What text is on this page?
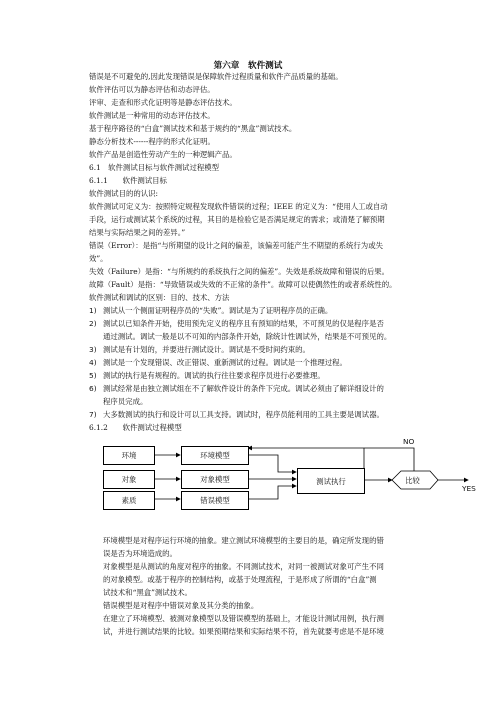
第六章　软件测试
错误是不可避免的,因此发现错误是保障软件过程质量和软件产品质量的基础。
软件评估可以为静态评估和动态评估。
评审、走查和形式化证明等是静态评估技术。
软件测试是一种常用的动态评估技术。
基于程序路径的“白盒”测试技术和基于规约的“黑盒”测试技术。
静态分析技术------程序的形式化证明。
软件产品是创造性劳动产生的一种逻辑产品。
6.1　软件测试目标与软件测试过程模型
6.1.1　　软件测试目标
软件测试目的的认识:
软件测试可定义为：按照特定规程发现软件错误的过程；IEEE 的定义为：“使用人工或自动
手段，运行或测试某个系统的过程，其目的是检验它是否满足规定的需求；或清楚了解预期
结果与实际结果之间的差异。”
错误（Error）：是指“与所期望的设计之间的偏差，该偏差可能产生不期望的系统行为或失
效”。
失效（Failure）是指：“与所规约的系统执行之间的偏差”。失效是系统故障和错误的后果。
故障（Fault）是指：“导致错误或失效的不正常的条件”。故障可以使偶然性的或者系统性的。
软件测试和调试的区别：目的、技术、方法
1) 测试从一个侧面证明程序员的“失败”。调试是为了证明程序员的正确。
2) 测试以已知条件开始，使用预先定义的程序且有预知的结果，不可预见的仅是程序是否
通过测试。调试一般是以不可知的内部条件开始，除统计性调试外，结果是不可预见的。
3) 测试是有计划的，并要进行测试设计。调试是不受时间约束的。
4) 测试是一个发现错误、改正错误、重新测试的过程。调试是一个推理过程。
5) 测试的执行是有规程的。调试的执行往往要求程序员进行必要推理。
6) 测试经常是由独立测试组在不了解软件设计的条件下完成。调试必须由了解详细设计的
程序员完成。
7) 大多数测试的执行和设计可以工具支持。调试时，程序员能利用的工具主要是调试器。
6.1.2　　软件测试过程模型
环境	环境模型
对象	对象模型
素质	错误模型
测试执行	比较
NO
YES
环境模型是对程序运行环境的抽象。建立测试环境模型的主要目的是，确定所发现的错
误是否为环境造成的。
对象模型是从测试的角度对程序的抽象。不同测试技术，对同一被测试对象可产生不同
的对象模型。或基于程序的控制结构，或基于处理流程，于是形成了所谓的“白盒”测
试技术和“黑盒”测试技术。
错误模型是对程序中错误对象及其分类的抽象。
在建立了环境模型、被测对象模型以及错误模型的基础上，才能设计测试用例，执行测
试，并进行测试结果的比较。如果预期结果和实际结果不符，首先就要考虑是不是环境
